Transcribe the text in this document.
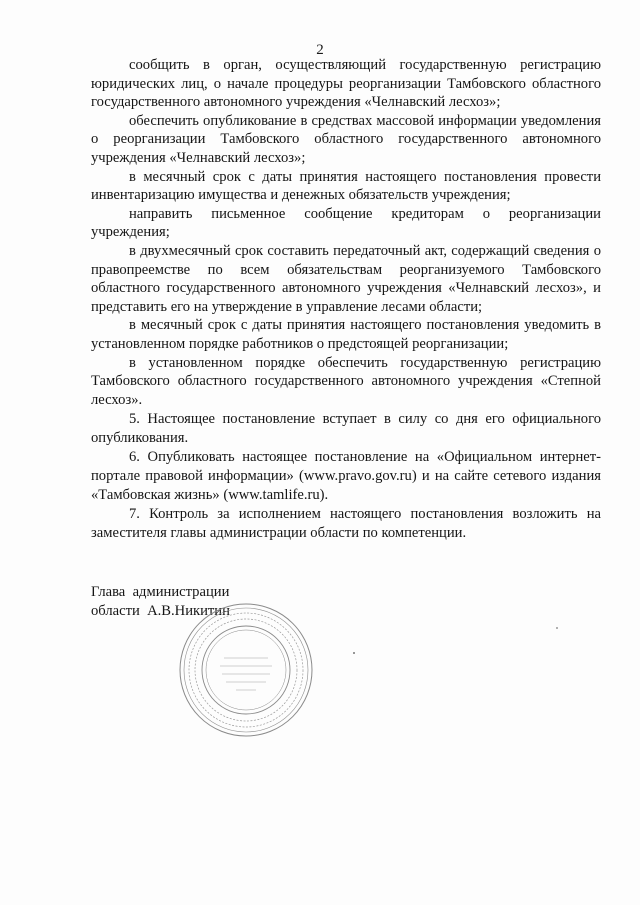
2

сообщить в орган, осуществляющий государственную регистрацию юридических лиц, о начале процедуры реорганизации Тамбовского областного государственного автономного учреждения «Челнавский лесхоз»;

обеспечить опубликование в средствах массовой информации уведомления о реорганизации Тамбовского областного государственного автономного учреждения «Челнавский лесхоз»;

в месячный срок с даты принятия настоящего постановления провести инвентаризацию имущества и денежных обязательств учреждения;

направить письменное сообщение кредиторам о реорганизации учреждения;

в двухмесячный срок составить передаточный акт, содержащий сведения о правопреемстве по всем обязательствам реорганизуемого Тамбовского областного государственного автономного учреждения «Челнавский лесхоз», и представить его на утверждение в управление лесами области;

в месячный срок с даты принятия настоящего постановления уведомить в установленном порядке работников о предстоящей реорганизации;

в установленном порядке обеспечить государственную регистрацию Тамбовского областного государственного автономного учреждения «Степной лесхоз».

5. Настоящее постановление вступает в силу со дня его официального опубликования.

6. Опубликовать настоящее постановление на «Официальном интернет-портале правовой информации» (www.pravo.gov.ru) и на сайте сетевого издания «Тамбовская жизнь» (www.tamlife.ru).

7. Контроль за исполнением настоящего постановления возложить на заместителя главы администрации области по компетенции.

Глава  администрации
области  А.В.Никитин
